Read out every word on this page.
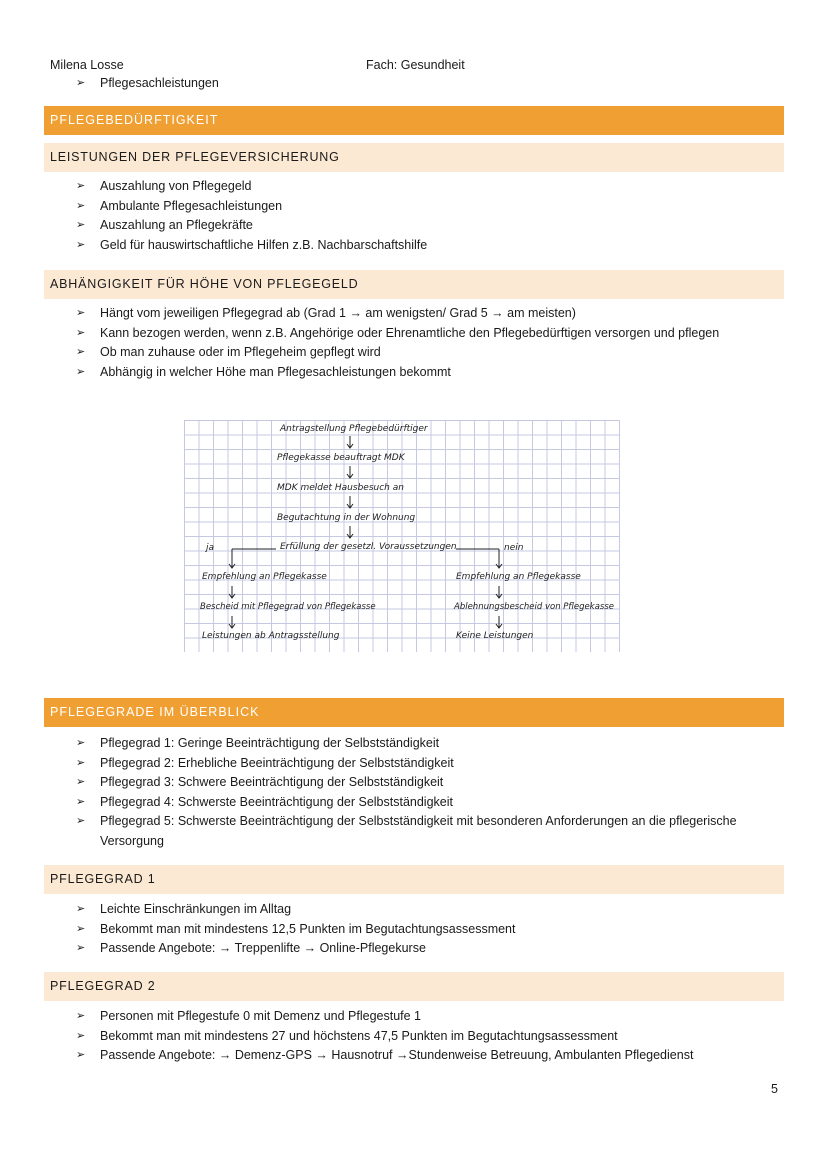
Milena Losse	Fach: Gesundheit
➢	Pflegesachleistungen
PFLEGEBEDÜRFTIGKEIT
LEISTUNGEN DER PFLEGEVERSICHERUNG
➢	Auszahlung von Pflegegeld
➢	Ambulante Pflegesachleistungen
➢	Auszahlung an Pflegekräfte
➢	Geld für hauswirtschaftliche Hilfen z.B. Nachbarschaftshilfe
ABHÄNGIGKEIT FÜR HÖHE VON PFLEGEGELD
➢	Hängt vom jeweiligen Pflegegrad ab (Grad 1 → am wenigsten/ Grad 5 → am meisten)
➢	Kann bezogen werden, wenn z.B. Angehörige oder Ehrenamtliche den Pflegebedürftigen versorgen und pflegen
➢	Ob man zuhause oder im Pflegeheim gepflegt wird
➢	Abhängig in welcher Höhe man Pflegesachleistungen bekommt
Antragstellung Pflegebedürftiger
Pflegekasse beauftragt MDK
MDK meldet Hausbesuch an
Begutachtung in der Wohnung
Erfüllung der gesetzl. Voraussetzungen
ja	nein
Empfehlung an Pflegekasse
Bescheid mit Pflegegrad von Pflegekasse
Leistungen ab Antragsstellung
Empfehlung an Pflegekasse
Ablehnungsbescheid von Pflegekasse
Keine Leistungen
PFLEGEGRADE IM ÜBERBLICK
➢	Pflegegrad 1: Geringe Beeinträchtigung der Selbstständigkeit
➢	Pflegegrad 2: Erhebliche Beeinträchtigung der Selbstständigkeit
➢	Pflegegrad 3: Schwere Beeinträchtigung der Selbstständigkeit
➢	Pflegegrad 4: Schwerste Beeinträchtigung der Selbstständigkeit
➢	Pflegegrad 5: Schwerste Beeinträchtigung der Selbstständigkeit mit besonderen Anforderungen an die pflegerische Versorgung
PFLEGEGRAD 1
➢	Leichte Einschränkungen im Alltag
➢	Bekommt man mit mindestens 12,5 Punkten im Begutachtungsassessment
➢	Passende Angebote: → Treppenlifte → Online-Pflegekurse
PFLEGEGRAD 2
➢	Personen mit Pflegestufe 0 mit Demenz und Pflegestufe 1
➢	Bekommt man mit mindestens 27 und höchstens 47,5 Punkten im Begutachtungsassessment
➢	Passende Angebote: → Demenz-GPS → Hausnotruf →Stundenweise Betreuung, Ambulanten Pflegedienst
5
